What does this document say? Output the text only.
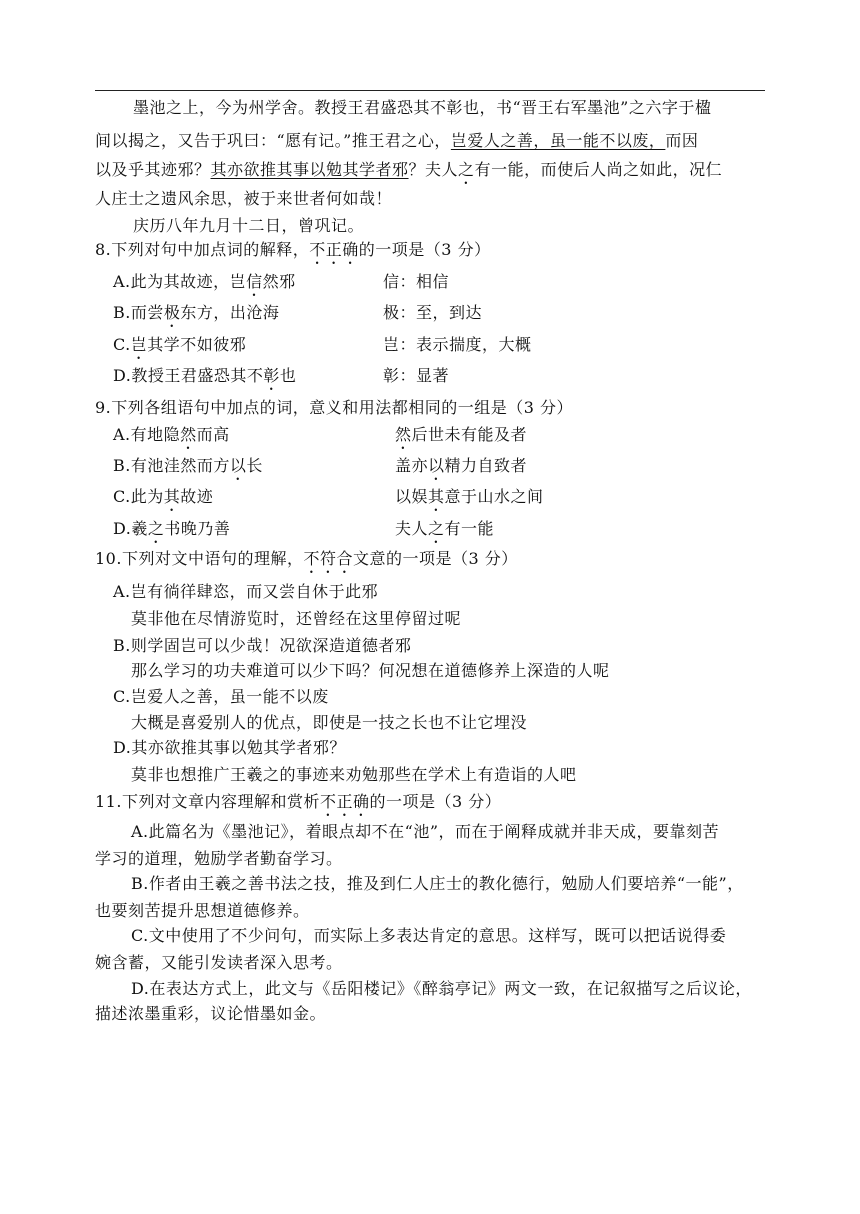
墨池之上，今为州学舍。教授王君盛恐其不彰也，书“晋王右军墨池”之六字于楹
间以揭之，又告于巩曰：“愿有记。”推王君之心，岂爱人之善，虽一能不以废，而因
以及乎其迹邪？其亦欲推其事以勉其学者邪？夫人之有一能，而使后人尚之如此，况仁
人庄士之遗风余思，被于来世者何如哉！
庆历八年九月十二日，曾巩记。
8.下列对句中加点词的解释，不正确的一项是（3 分）
A.此为其故迹，岂信然邪	信：相信
B.而尝极东方，出沧海	极：至，到达
C.岂其学不如彼邪	岂：表示揣度，大概
D.教授王君盛恐其不彰也	彰：显著
9.下列各组语句中加点的词，意义和用法都相同的一组是（3 分）
A.有地隐然而高	然后世未有能及者
B.有池洼然而方以长	盖亦以精力自致者
C.此为其故迹	以娱其意于山水之间
D.羲之书晚乃善	夫人之有一能
10.下列对文中语句的理解，不符合文意的一项是（3 分）
A.岂有徜徉肆恣，而又尝自休于此邪
莫非他在尽情游览时，还曾经在这里停留过呢
B.则学固岂可以少哉！况欲深造道德者邪
那么学习的功夫难道可以少下吗？何况想在道德修养上深造的人呢
C.岂爱人之善，虽一能不以废
大概是喜爱别人的优点，即使是一技之长也不让它埋没
D.其亦欲推其事以勉其学者邪？
莫非也想推广王羲之的事迹来劝勉那些在学术上有造诣的人吧
11.下列对文章内容理解和赏析不正确的一项是（3 分）
A.此篇名为《墨池记》，着眼点却不在“池”，而在于阐释成就并非天成，要靠刻苦
学习的道理，勉励学者勤奋学习。
B.作者由王羲之善书法之技，推及到仁人庄士的教化德行，勉励人们要培养“一能”，
也要刻苦提升思想道德修养。
C.文中使用了不少问句，而实际上多表达肯定的意思。这样写，既可以把话说得委
婉含蓄，又能引发读者深入思考。
D.在表达方式上，此文与《岳阳楼记》《醉翁亭记》两文一致，在记叙描写之后议论，
描述浓墨重彩，议论惜墨如金。
